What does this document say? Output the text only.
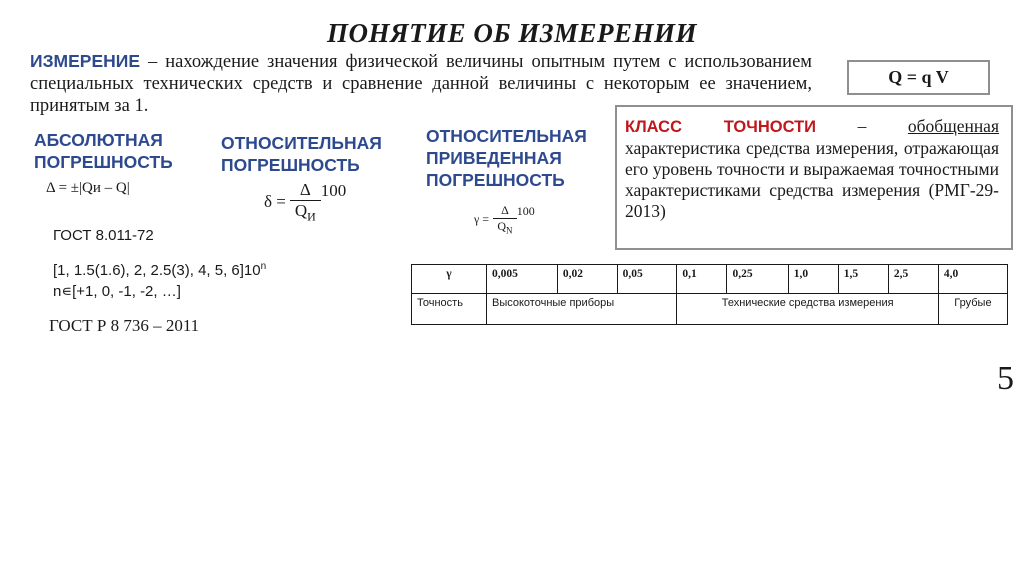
ПОНЯТИЕ ОБ ИЗМЕРЕНИИ
ИЗМЕРЕНИЕ – нахождение значения физической величины опытным путем с использованием специальных технических средств и сравнение данной величины с некоторым ее значением, принятым за 1.
Q = q V
АБСОЛЮТНАЯ
ПОГРЕШНОСТЬ
Δ = ±|Qи – Q|
ОТНОСИТЕЛЬНАЯ
ПОГРЕШНОСТЬ
$\delta = \frac{\Delta}{Q_И} 100$
ОТНОСИТЕЛЬНАЯ
ПРИВЕДЕННАЯ
ПОГРЕШНОСТЬ
$\gamma = \frac{\Delta}{Q_N} 100$
ГОСТ 8.011-72
[1, 1.5(1.6), 2, 2.5(3), 4, 5, 6]10$^n$
n∊[+1, 0, -1, -2, …]
ГОСТ Р 8 736 – 2011
КЛАСС ТОЧНОСТИ – обобщенная характеристика средства измерения, отражающая его уровень точности и выражаемая точностными характеристиками средства измерения (РМГ-29-2013)
γ	0,005	0,02	0,05	0,1	0,25	1,0	1,5	2,5	4,0
Точность	Высокоточные приборы			Технические средства измерения					Грубые
5
